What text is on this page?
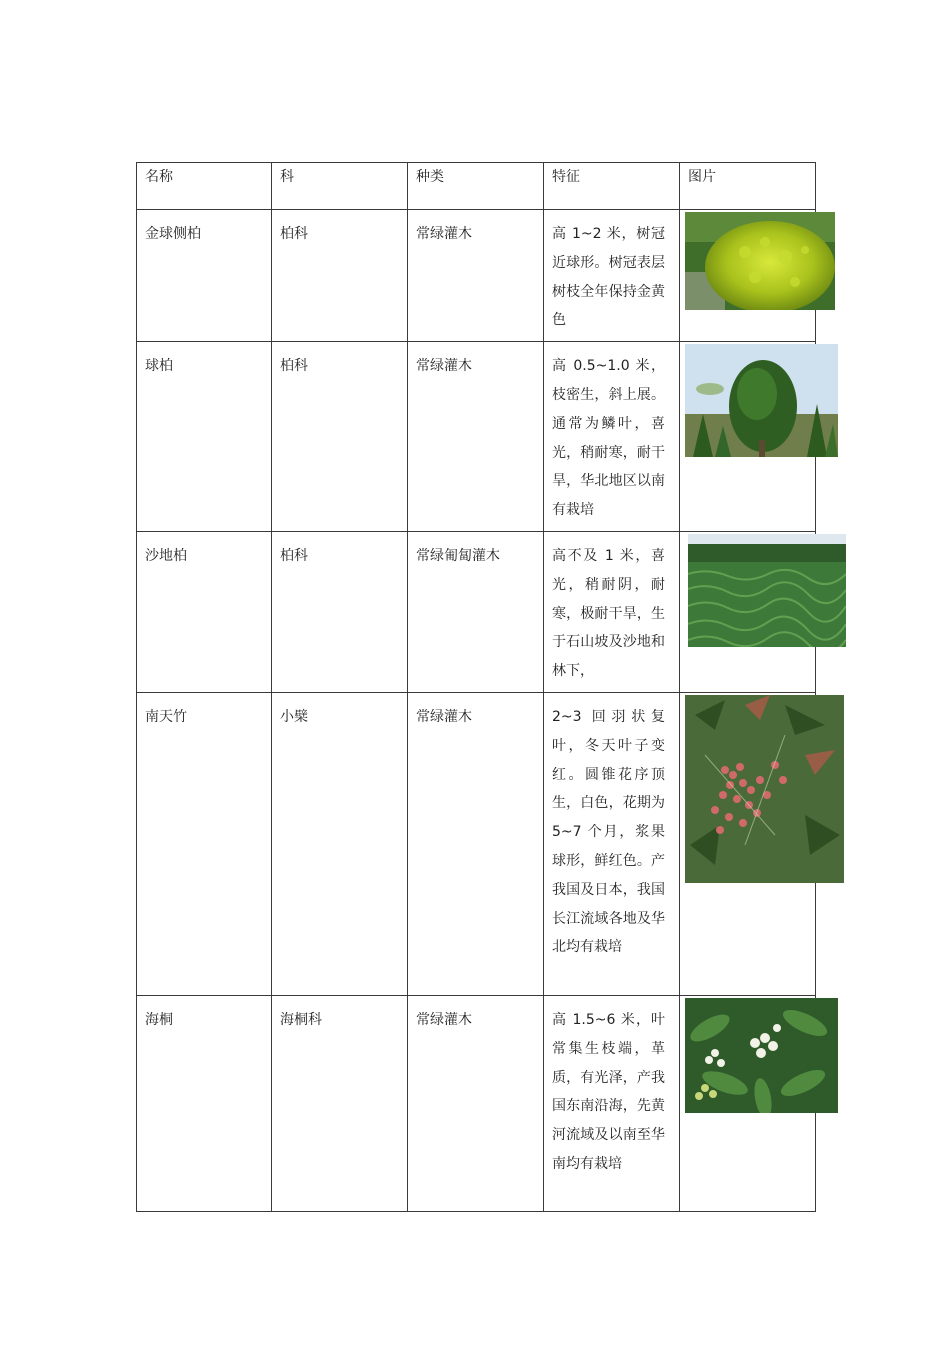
名称	科	种类	特征	图片
金球侧柏	柏科	常绿灌木	高 1~2 米，树冠近球形。树冠表层树枝全年保持金黄色	

球柏	柏科	常绿灌木	高 0.5~1.0 米，枝密生，斜上展。通常为鳞叶，喜光，稍耐寒，耐干旱，华北地区以南有栽培	

沙地柏	柏科	常绿匍匐灌木	高不及 1 米，喜光，稍耐阴，耐寒，极耐干旱，生于石山坡及沙地和林下，	

南天竹	小檗	常绿灌木	2~3 回羽状复叶，冬天叶子变红。圆锥花序顶生，白色，花期为 5~7 个月，浆果球形，鲜红色。产我国及日本，我国长江流域各地及华北均有栽培	

海桐	海桐科	常绿灌木	高 1.5~6 米，叶常集生枝端，革质，有光泽，产我国东南沿海，先黄河流域及以南至华南均有栽培	
